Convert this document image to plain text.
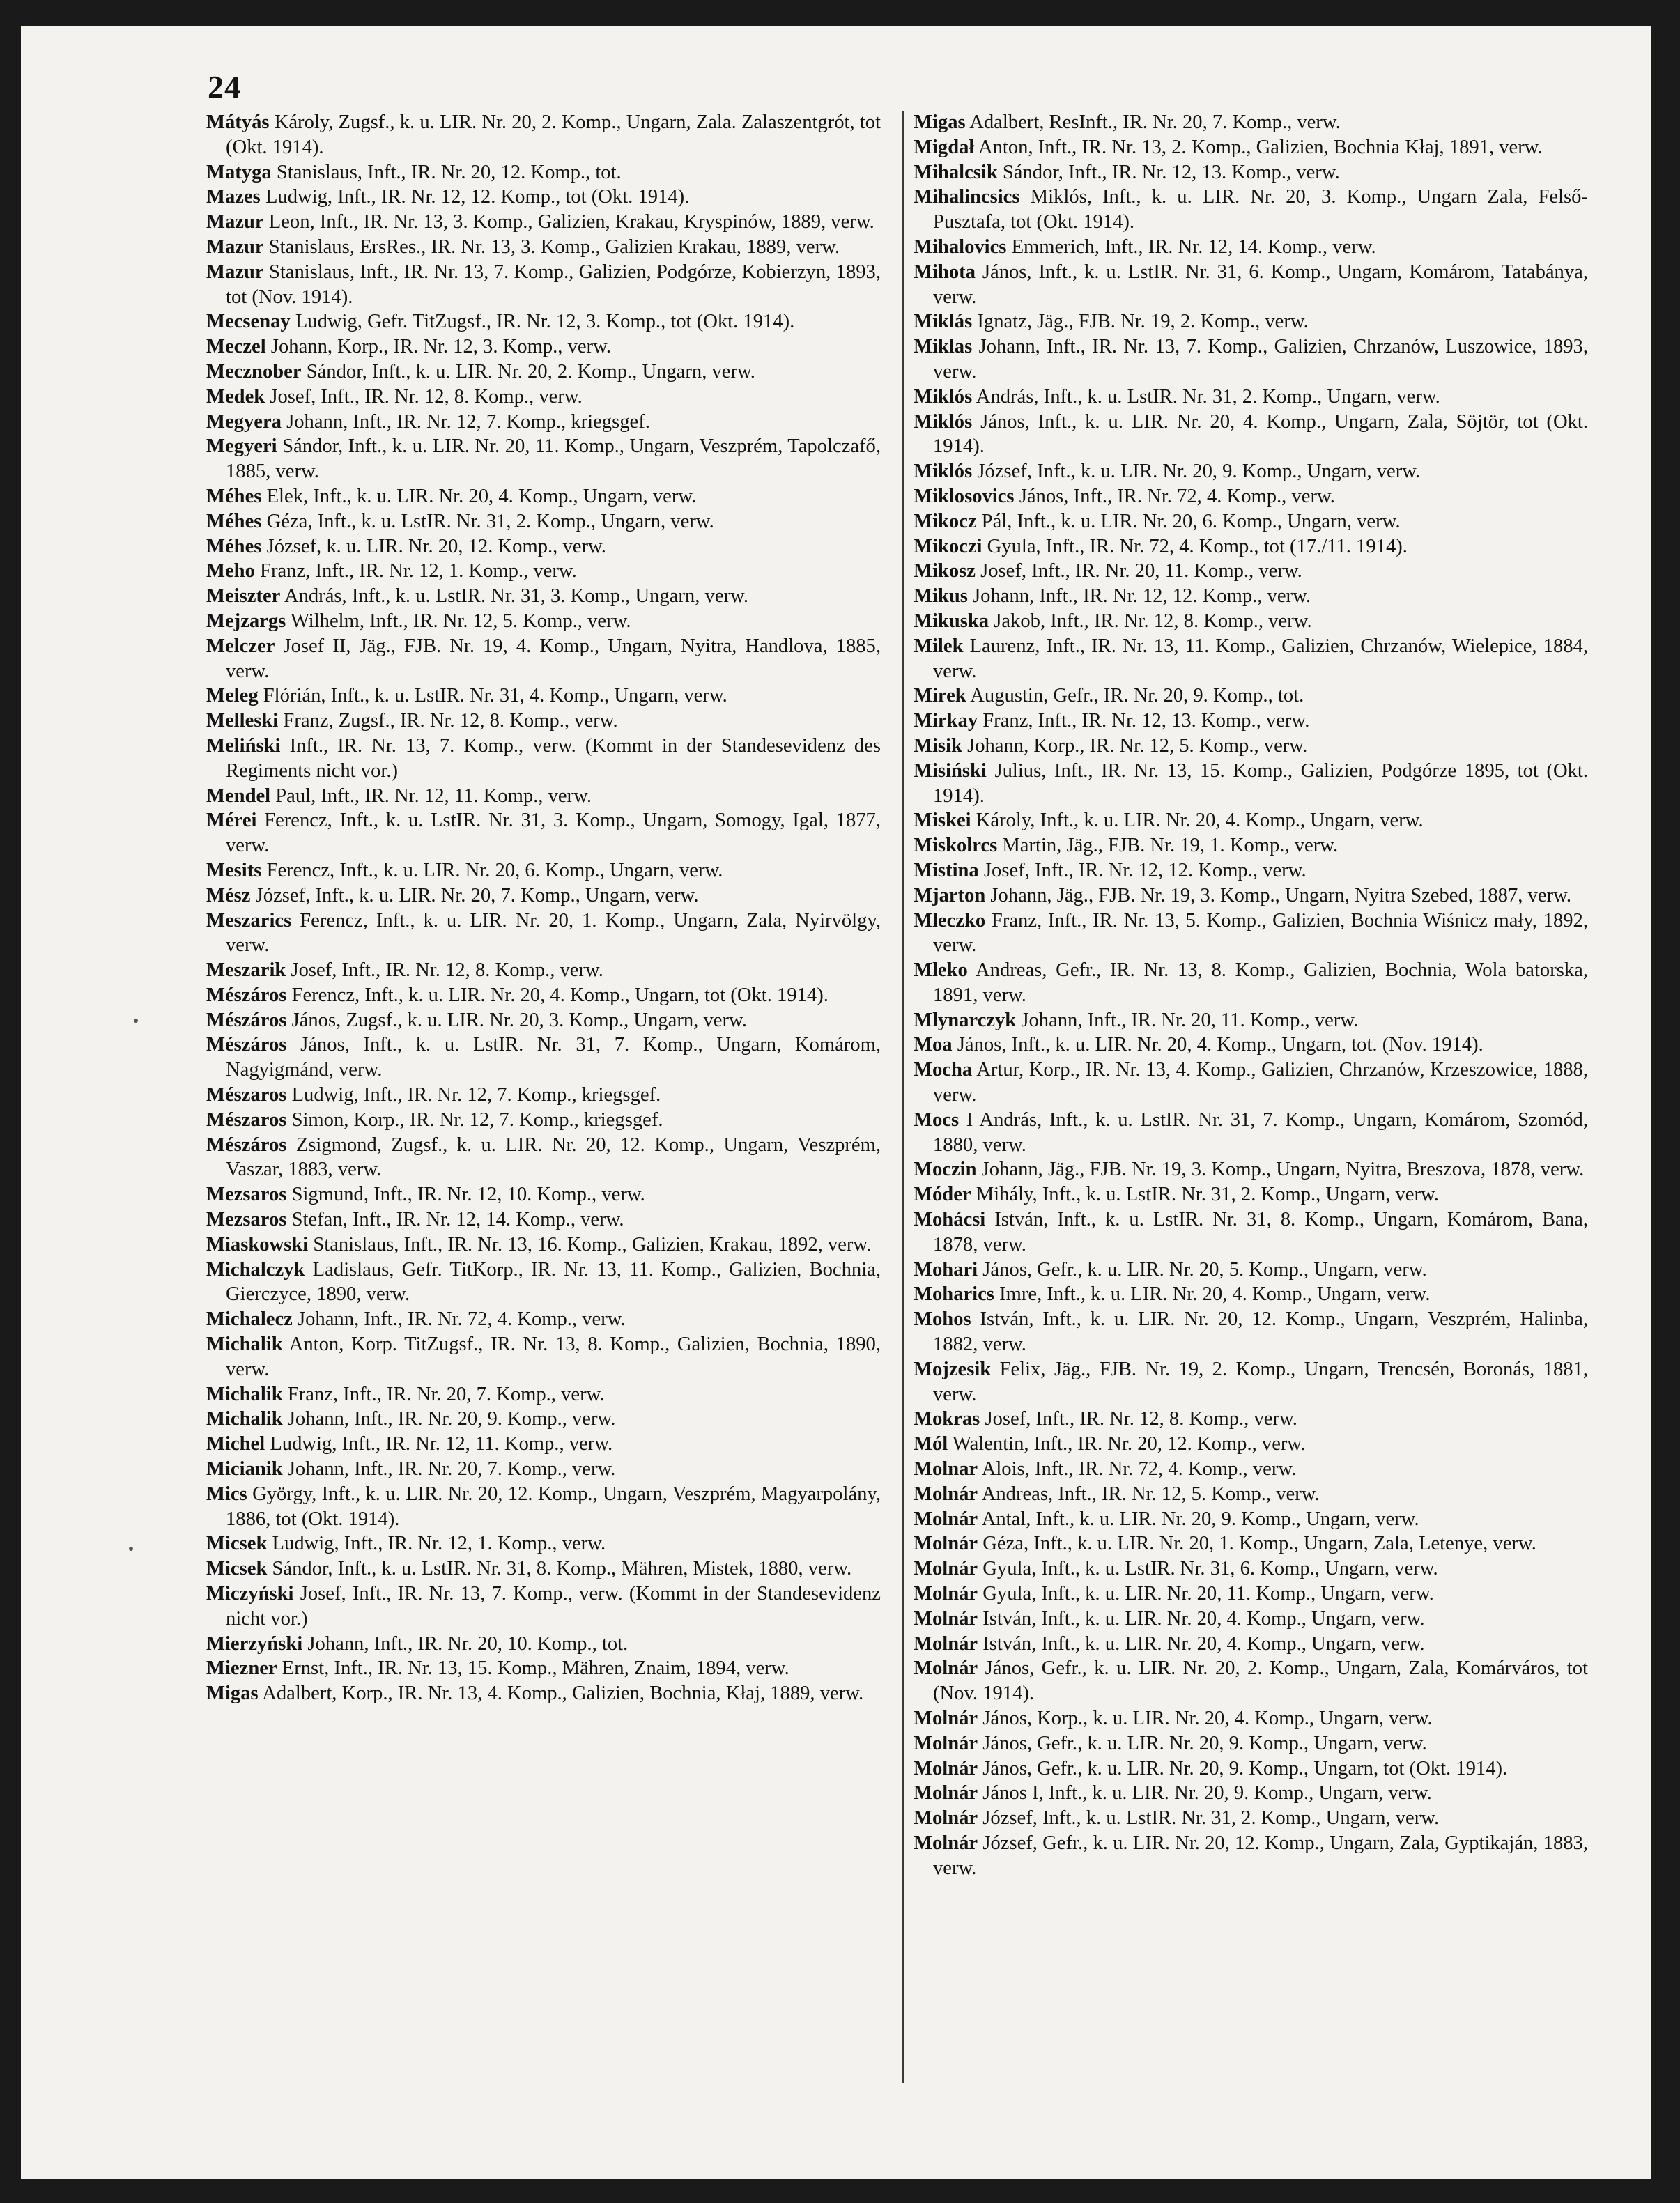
24
Mátyás Károly, Zugsf., k. u. LIR. Nr. 20, 2. Komp., Ungarn, Zala. Zalaszentgrót, tot (Okt. 1914).
Matyga Stanislaus, Inft., IR. Nr. 20, 12. Komp., tot.
Mazes Ludwig, Inft., IR. Nr. 12, 12. Komp., tot (Okt. 1914).
Mazur Leon, Inft., IR. Nr. 13, 3. Komp., Galizien, Krakau, Kryspinów, 1889, verw.
Mazur Stanislaus, ErsRes., IR. Nr. 13, 3. Komp., Galizien Krakau, 1889, verw.
Mazur Stanislaus, Inft., IR. Nr. 13, 7. Komp., Galizien, Podgórze, Kobierzyn, 1893, tot (Nov. 1914).
Mecsenay Ludwig, Gefr. TitZugsf., IR. Nr. 12, 3. Komp., tot (Okt. 1914).
Meczel Johann, Korp., IR. Nr. 12, 3. Komp., verw.
Mecznober Sándor, Inft., k. u. LIR. Nr. 20, 2. Komp., Ungarn, verw.
Medek Josef, Inft., IR. Nr. 12, 8. Komp., verw.
Megyera Johann, Inft., IR. Nr. 12, 7. Komp., kriegsgef.
Megyeri Sándor, Inft., k. u. LIR. Nr. 20, 11. Komp., Ungarn, Veszprém, Tapolczafő, 1885, verw.
Méhes Elek, Inft., k. u. LIR. Nr. 20, 4. Komp., Ungarn, verw.
Méhes Géza, Inft., k. u. LstIR. Nr. 31, 2. Komp., Ungarn, verw.
Méhes József, k. u. LIR. Nr. 20, 12. Komp., verw.
Meho Franz, Inft., IR. Nr. 12, 1. Komp., verw.
Meiszter András, Inft., k. u. LstIR. Nr. 31, 3. Komp., Ungarn, verw.
Mejzargs Wilhelm, Inft., IR. Nr. 12, 5. Komp., verw.
Melczer Josef II, Jäg., FJB. Nr. 19, 4. Komp., Ungarn, Nyitra, Handlova, 1885, verw.
Meleg Flórián, Inft., k. u. LstIR. Nr. 31, 4. Komp., Ungarn, verw.
Melleski Franz, Zugsf., IR. Nr. 12, 8. Komp., verw.
Meliński Inft., IR. Nr. 13, 7. Komp., verw. (Kommt in der Standesevidenz des Regiments nicht vor.)
Mendel Paul, Inft., IR. Nr. 12, 11. Komp., verw.
Mérei Ferencz, Inft., k. u. LstIR. Nr. 31, 3. Komp., Ungarn, Somogy, Igal, 1877, verw.
Mesits Ferencz, Inft., k. u. LIR. Nr. 20, 6. Komp., Ungarn, verw.
Mész József, Inft., k. u. LIR. Nr. 20, 7. Komp., Ungarn, verw.
Meszarics Ferencz, Inft., k. u. LIR. Nr. 20, 1. Komp., Ungarn, Zala, Nyirvölgy, verw.
Meszarik Josef, Inft., IR. Nr. 12, 8. Komp., verw.
Mészáros Ferencz, Inft., k. u. LIR. Nr. 20, 4. Komp., Ungarn, tot (Okt. 1914).
Mészáros János, Zugsf., k. u. LIR. Nr. 20, 3. Komp., Ungarn, verw.
Mészáros János, Inft., k. u. LstIR. Nr. 31, 7. Komp., Ungarn, Komárom, Nagyigmánd, verw.
Mészaros Ludwig, Inft., IR. Nr. 12, 7. Komp., kriegsgef.
Mészaros Simon, Korp., IR. Nr. 12, 7. Komp., kriegsgef.
Mészáros Zsigmond, Zugsf., k. u. LIR. Nr. 20, 12. Komp., Ungarn, Veszprém, Vaszar, 1883, verw.
Mezsaros Sigmund, Inft., IR. Nr. 12, 10. Komp., verw.
Mezsaros Stefan, Inft., IR. Nr. 12, 14. Komp., verw.
Miaskowski Stanislaus, Inft., IR. Nr. 13, 16. Komp., Galizien, Krakau, 1892, verw.
Michalczyk Ladislaus, Gefr. TitKorp., IR. Nr. 13, 11. Komp., Galizien, Bochnia, Gierczyce, 1890, verw.
Michalecz Johann, Inft., IR. Nr. 72, 4. Komp., verw.
Michalik Anton, Korp. TitZugsf., IR. Nr. 13, 8. Komp., Galizien, Bochnia, 1890, verw.
Michalik Franz, Inft., IR. Nr. 20, 7. Komp., verw.
Michalik Johann, Inft., IR. Nr. 20, 9. Komp., verw.
Michel Ludwig, Inft., IR. Nr. 12, 11. Komp., verw.
Micianik Johann, Inft., IR. Nr. 20, 7. Komp., verw.
Mics György, Inft., k. u. LIR. Nr. 20, 12. Komp., Ungarn, Veszprém, Magyarpolány, 1886, tot (Okt. 1914).
Micsek Ludwig, Inft., IR. Nr. 12, 1. Komp., verw.
Micsek Sándor, Inft., k. u. LstIR. Nr. 31, 8. Komp., Mähren, Mistek, 1880, verw.
Miczyński Josef, Inft., IR. Nr. 13, 7. Komp., verw. (Kommt in der Standesevidenz nicht vor.)
Mierzyński Johann, Inft., IR. Nr. 20, 10. Komp., tot.
Miezner Ernst, Inft., IR. Nr. 13, 15. Komp., Mähren, Znaim, 1894, verw.
Migas Adalbert, Korp., IR. Nr. 13, 4. Komp., Galizien, Bochnia, Kłaj, 1889, verw.
Migas Adalbert, ResInft., IR. Nr. 20, 7. Komp., verw.
Migdał Anton, Inft., IR. Nr. 13, 2. Komp., Galizien, Bochnia Kłaj, 1891, verw.
Mihalcsik Sándor, Inft., IR. Nr. 12, 13. Komp., verw.
Mihalincsics Miklós, Inft., k. u. LIR. Nr. 20, 3. Komp., Ungarn Zala, Felső-Pusztafa, tot (Okt. 1914).
Mihalovics Emmerich, Inft., IR. Nr. 12, 14. Komp., verw.
Mihota János, Inft., k. u. LstIR. Nr. 31, 6. Komp., Ungarn, Komárom, Tatabánya, verw.
Miklás Ignatz, Jäg., FJB. Nr. 19, 2. Komp., verw.
Miklas Johann, Inft., IR. Nr. 13, 7. Komp., Galizien, Chrzanów, Luszowice, 1893, verw.
Miklós András, Inft., k. u. LstIR. Nr. 31, 2. Komp., Ungarn, verw.
Miklós János, Inft., k. u. LIR. Nr. 20, 4. Komp., Ungarn, Zala, Söjtör, tot (Okt. 1914).
Miklós József, Inft., k. u. LIR. Nr. 20, 9. Komp., Ungarn, verw.
Miklosovics János, Inft., IR. Nr. 72, 4. Komp., verw.
Mikocz Pál, Inft., k. u. LIR. Nr. 20, 6. Komp., Ungarn, verw.
Mikoczi Gyula, Inft., IR. Nr. 72, 4. Komp., tot (17./11. 1914).
Mikosz Josef, Inft., IR. Nr. 20, 11. Komp., verw.
Mikus Johann, Inft., IR. Nr. 12, 12. Komp., verw.
Mikuska Jakob, Inft., IR. Nr. 12, 8. Komp., verw.
Milek Laurenz, Inft., IR. Nr. 13, 11. Komp., Galizien, Chrzanów, Wielepice, 1884, verw.
Mirek Augustin, Gefr., IR. Nr. 20, 9. Komp., tot.
Mirkay Franz, Inft., IR. Nr. 12, 13. Komp., verw.
Misik Johann, Korp., IR. Nr. 12, 5. Komp., verw.
Misiński Julius, Inft., IR. Nr. 13, 15. Komp., Galizien, Podgórze 1895, tot (Okt. 1914).
Miskei Károly, Inft., k. u. LIR. Nr. 20, 4. Komp., Ungarn, verw.
Miskolrcs Martin, Jäg., FJB. Nr. 19, 1. Komp., verw.
Mistina Josef, Inft., IR. Nr. 12, 12. Komp., verw.
Mjarton Johann, Jäg., FJB. Nr. 19, 3. Komp., Ungarn, Nyitra Szebed, 1887, verw.
Mleczko Franz, Inft., IR. Nr. 13, 5. Komp., Galizien, Bochnia Wiśnicz mały, 1892, verw.
Mleko Andreas, Gefr., IR. Nr. 13, 8. Komp., Galizien, Bochnia, Wola batorska, 1891, verw.
Mlynarczyk Johann, Inft., IR. Nr. 20, 11. Komp., verw.
Moa János, Inft., k. u. LIR. Nr. 20, 4. Komp., Ungarn, tot. (Nov. 1914).
Mocha Artur, Korp., IR. Nr. 13, 4. Komp., Galizien, Chrzanów, Krzeszowice, 1888, verw.
Mocs I András, Inft., k. u. LstIR. Nr. 31, 7. Komp., Ungarn, Komárom, Szomód, 1880, verw.
Moczin Johann, Jäg., FJB. Nr. 19, 3. Komp., Ungarn, Nyitra, Breszova, 1878, verw.
Móder Mihály, Inft., k. u. LstIR. Nr. 31, 2. Komp., Ungarn, verw.
Mohácsi István, Inft., k. u. LstIR. Nr. 31, 8. Komp., Ungarn, Komárom, Bana, 1878, verw.
Mohari János, Gefr., k. u. LIR. Nr. 20, 5. Komp., Ungarn, verw.
Moharics Imre, Inft., k. u. LIR. Nr. 20, 4. Komp., Ungarn, verw.
Mohos István, Inft., k. u. LIR. Nr. 20, 12. Komp., Ungarn, Veszprém, Halinba, 1882, verw.
Mojzesik Felix, Jäg., FJB. Nr. 19, 2. Komp., Ungarn, Trencsén, Boronás, 1881, verw.
Mokras Josef, Inft., IR. Nr. 12, 8. Komp., verw.
Mól Walentin, Inft., IR. Nr. 20, 12. Komp., verw.
Molnar Alois, Inft., IR. Nr. 72, 4. Komp., verw.
Molnár Andreas, Inft., IR. Nr. 12, 5. Komp., verw.
Molnár Antal, Inft., k. u. LIR. Nr. 20, 9. Komp., Ungarn, verw.
Molnár Géza, Inft., k. u. LIR. Nr. 20, 1. Komp., Ungarn, Zala, Letenye, verw.
Molnár Gyula, Inft., k. u. LstIR. Nr. 31, 6. Komp., Ungarn, verw.
Molnár Gyula, Inft., k. u. LIR. Nr. 20, 11. Komp., Ungarn, verw.
Molnár István, Inft., k. u. LIR. Nr. 20, 4. Komp., Ungarn, verw.
Molnár István, Inft., k. u. LIR. Nr. 20, 4. Komp., Ungarn, verw.
Molnár János, Gefr., k. u. LIR. Nr. 20, 2. Komp., Ungarn, Zala, Komárváros, tot (Nov. 1914).
Molnár János, Korp., k. u. LIR. Nr. 20, 4. Komp., Ungarn, verw.
Molnár János, Gefr., k. u. LIR. Nr. 20, 9. Komp., Ungarn, verw.
Molnár János, Gefr., k. u. LIR. Nr. 20, 9. Komp., Ungarn, tot (Okt. 1914).
Molnár János I, Inft., k. u. LIR. Nr. 20, 9. Komp., Ungarn, verw.
Molnár József, Inft., k. u. LstIR. Nr. 31, 2. Komp., Ungarn, verw.
Molnár József, Gefr., k. u. LIR. Nr. 20, 12. Komp., Ungarn, Zala, Gyptikaján, 1883, verw.
